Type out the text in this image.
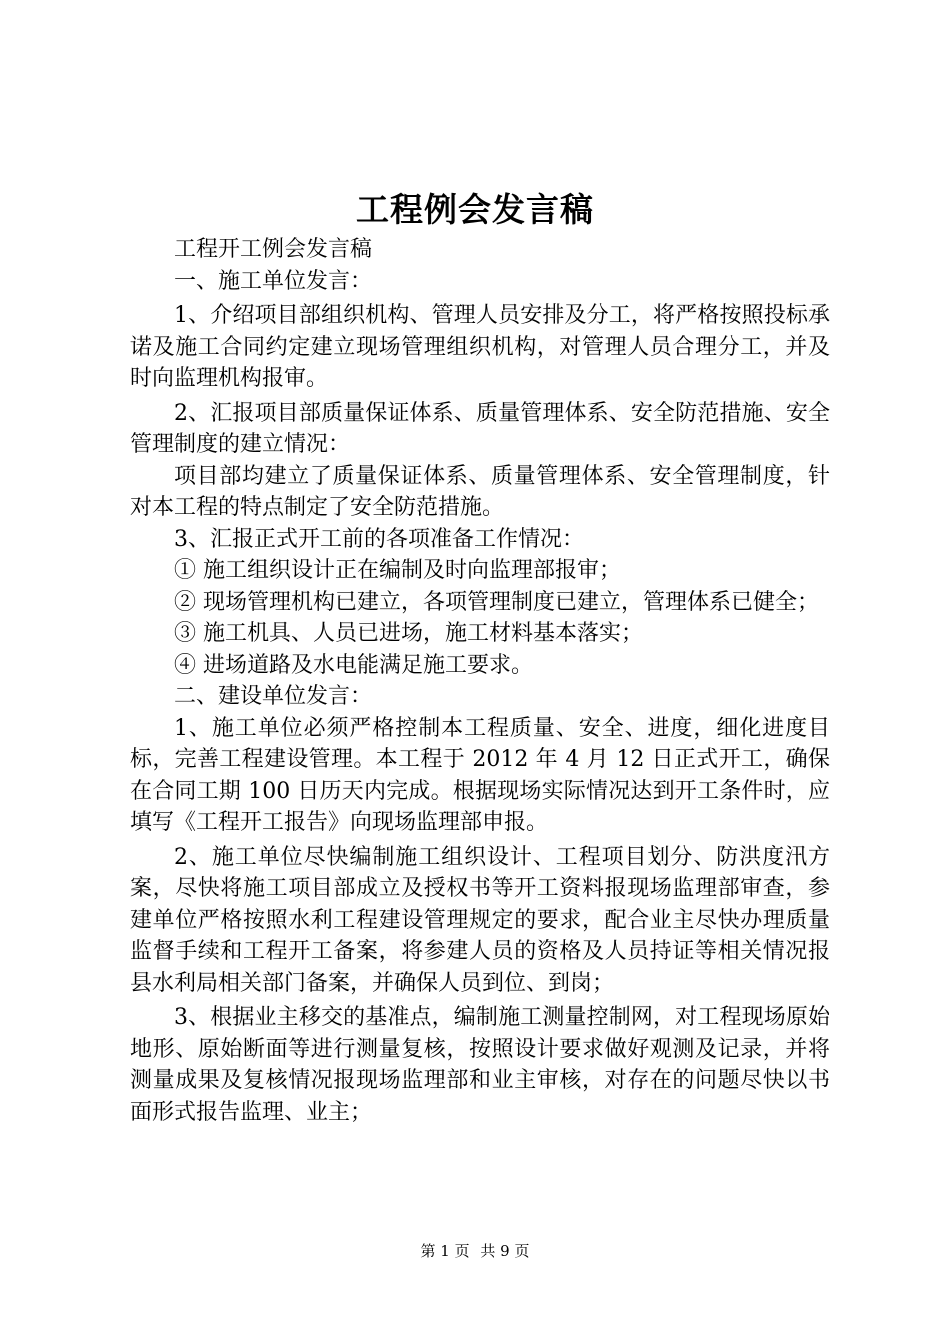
工程例会发言稿

工程开工例会发言稿

一、施工单位发言：

1、介绍项目部组织机构、管理人员安排及分工，将严格按照投标承诺及施工合同约定建立现场管理组织机构，对管理人员合理分工，并及时向监理机构报审。

2、汇报项目部质量保证体系、质量管理体系、安全防范措施、安全管理制度的建立情况：

项目部均建立了质量保证体系、质量管理体系、安全管理制度，针对本工程的特点制定了安全防范措施。

3、汇报正式开工前的各项准备工作情况：

① 施工组织设计正在编制及时向监理部报审；

② 现场管理机构已建立，各项管理制度已建立，管理体系已健全；

③ 施工机具、人员已进场，施工材料基本落实；

④ 进场道路及水电能满足施工要求。

二、建设单位发言：

1、施工单位必须严格控制本工程质量、安全、进度，细化进度目标，完善工程建设管理。本工程于 2012 年 4 月 12 日正式开工，确保在合同工期 100 日历天内完成。根据现场实际情况达到开工条件时，应填写《工程开工报告》向现场监理部申报。

2、施工单位尽快编制施工组织设计、工程项目划分、防洪度汛方案，尽快将施工项目部成立及授权书等开工资料报现场监理部审查，参建单位严格按照水利工程建设管理规定的要求，配合业主尽快办理质量监督手续和工程开工备案，将参建人员的资格及人员持证等相关情况报县水利局相关部门备案，并确保人员到位、到岗；

3、根据业主移交的基准点，编制施工测量控制网，对工程现场原始地形、原始断面等进行测量复核，按照设计要求做好观测及记录，并将测量成果及复核情况报现场监理部和业主审核，对存在的问题尽快以书面形式报告监理、业主；

第 1 页 共 9 页
